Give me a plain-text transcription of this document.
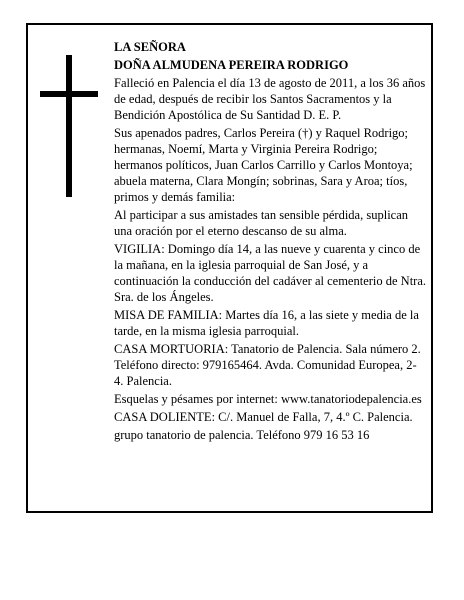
LA SEÑORA

DOÑA ALMUDENA PEREIRA RODRIGO

Falleció en Palencia el día 13 de agosto de 2011, a los 36 años de edad, después de recibir los Santos Sacramentos y la Bendición Apostólica de Su Santidad D. E. P.

Sus apenados padres, Carlos Pereira (†) y Raquel Rodrigo; hermanas, Noemí, Marta y Virginia Pereira Rodrigo; hermanos políticos, Juan Carlos Carrillo y Carlos Montoya; abuela materna, Clara Mongín; sobrinas, Sara y Aroa; tíos, primos y demás familia:

Al participar a sus amistades tan sensible pérdida, suplican una oración por el eterno descanso de su alma.

VIGILIA: Domingo día 14, a las nueve y cuarenta y cinco de la mañana, en la iglesia parroquial de San José, y a continuación la conducción del cadáver al cementerio de Ntra. Sra. de los Ángeles.

MISA DE FAMILIA: Martes día 16, a las siete y media de la tarde, en la misma iglesia parroquial.

CASA MORTUORIA: Tanatorio de Palencia. Sala número 2. Teléfono directo: 979165464. Avda. Comunidad Europea, 2-4. Palencia.

Esquelas y pésames por internet: www.tanatoriodepalencia.es

CASA DOLIENTE: C/. Manuel de Falla, 7, 4.º C. Palencia.

grupo tanatorio de palencia. Teléfono 979 16 53 16
